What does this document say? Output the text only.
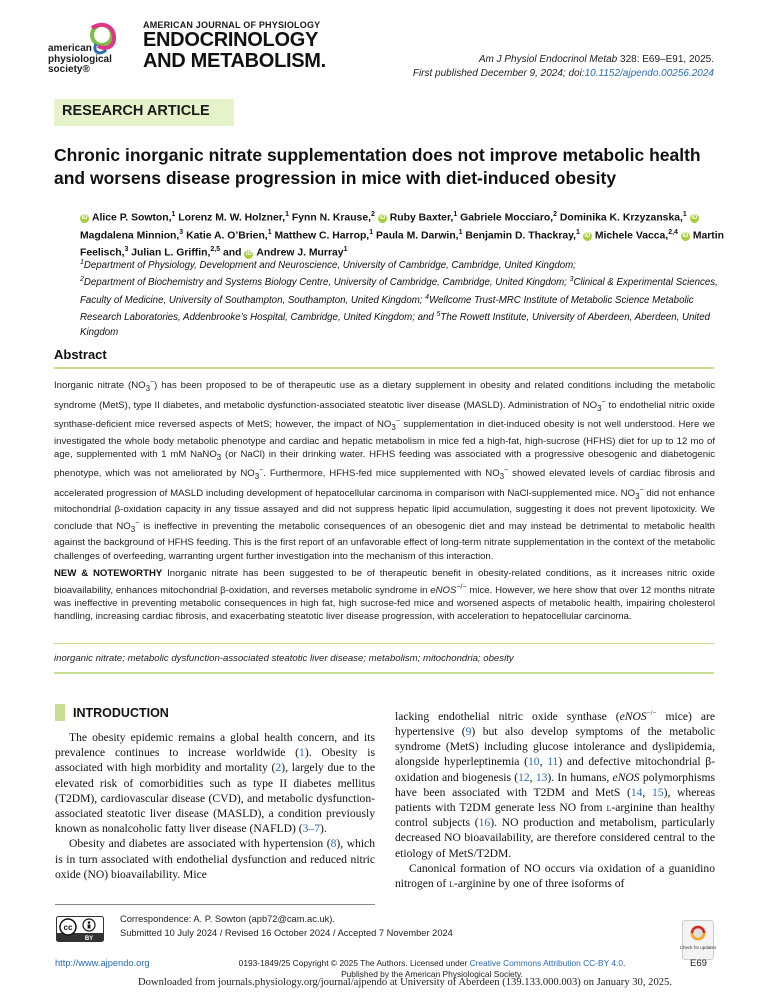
american
physiological
society®
AMERICAN JOURNAL OF PHYSIOLOGY
ENDOCRINOLOGY
AND METABOLISM.	Am J Physiol Endocrinol Metab 328: E69–E91, 2025.
First published December 9, 2024; doi:10.1152/ajpendo.00256.2024
RESEARCH ARTICLE
Chronic inorganic nitrate supplementation does not improve metabolic health and worsens disease progression in mice with diet-induced obesity
iD Alice P. Sowton,$^1$ Lorenz M. W. Holzner,$^1$ Fynn N. Krause,$^2$ iD Ruby Baxter,$^1$ Gabriele Mocciaro,$^2$ Dominika K. Krzyzanska,$^1$ iDMagdalena Minnion,$^3$ Katie A. O’Brien,$^1$ Matthew C. Harrop,$^1$ Paula M. Darwin,$^1$ Benjamin D. Thackray,$^1$ iD Michele Vacca,$^{2,4}$ iD Martin Feelisch,$^3$ Julian L. Griffin,$^{2,5}$ and iD Andrew J. Murray$^1$
$^1$Department of Physiology, Development and Neuroscience, University of Cambridge, Cambridge, United Kingdom;
$^2$Department of Biochemistry and Systems Biology Centre, University of Cambridge, Cambridge, United Kingdom; $^3$Clinical & Experimental Sciences, Faculty of Medicine, University of Southampton, Southampton, United Kingdom; $^4$Wellcome Trust-MRC Institute of Metabolic Science Metabolic Research Laboratories, Addenbrooke’s Hospital, Cambridge, United Kingdom; and $^5$The Rowett Institute, University of Aberdeen, Aberdeen, United Kingdom
Abstract
Inorganic nitrate $(NO_3^-)$ has been proposed to be of therapeutic use as a dietary supplement in obesity and related conditions including the metabolic syndrome (MetS), type II diabetes, and metabolic dysfunction-associated steatotic liver disease (MASLD). Administration of $NO_3^-$ to endothelial nitric oxide synthase-deficient mice reversed aspects of MetS; however, the impact of $NO_3^-$ supplementation in diet-induced obesity is not well understood. Here we investigated the whole body metabolic phenotype and cardiac and hepatic metabolism in mice fed a high-fat, high-sucrose (HFHS) diet for up to 12 mo of age, supplemented with 1 mM NaNO$_3$ (or NaCl) in their drinking water. HFHS feeding was associated with a progressive obesogenic and diabetogenic phenotype, which was not ameliorated by $NO_3^-$. Furthermore, HFHS-fed mice supplemented with $NO_3^-$ showed elevated levels of cardiac fibrosis and accelerated progression of MASLD including development of hepatocellular carcinoma in comparison with NaCl-supplemented mice. $NO_3^-$ did not enhance mitochondrial β-oxidation capacity in any tissue assayed and did not suppress hepatic lipid accumulation, suggesting it does not prevent lipotoxicity. We conclude that $NO_3^-$ is ineffective in preventing the metabolic consequences of an obesogenic diet and may instead be detrimental to metabolic health against the background of HFHS feeding. This is the first report of an unfavorable effect of long-term nitrate supplementation in the context of the metabolic challenges of overfeeding, warranting urgent further investigation into the mechanism of this interaction.
NEW & NOTEWORTHY Inorganic nitrate has been suggested to be of therapeutic benefit in obesity-related conditions, as it increases nitric oxide bioavailability, enhances mitochondrial β-oxidation, and reverses metabolic syndrome in eNOS−/− mice. However, we here show that over 12 months nitrate was ineffective in preventing metabolic consequences in high fat, high sucrose-fed mice and worsened aspects of metabolic health, impairing cholesterol handling, increasing cardiac fibrosis, and exacerbating steatotic liver disease progression, with acceleration to hepatocellular carcinoma.
inorganic nitrate; metabolic dysfunction-associated steatotic liver disease; metabolism; mitochondria; obesity
INTRODUCTION

The obesity epidemic remains a global health concern, and its prevalence continues to increase worldwide (1). Obesity is associated with high morbidity and mortality (2), largely due to the elevated risk of comorbidities such as type II diabetes mellitus (T2DM), cardiovascular disease (CVD), and metabolic dysfunction-associated steatotic liver disease (MASLD), a condition previously known as nonalcoholic fatty liver disease (NAFLD) (3–7).

Obesity and diabetes are associated with hypertension (8), which is in turn associated with endothelial dysfunction and reduced nitric oxide (NO) bioavailability. Mice

lacking endothelial nitric oxide synthase (eNOS−/− mice) are hypertensive (9) but also develop symptoms of the metabolic syndrome (MetS) including glucose intolerance and dyslipidemia, alongside hyperleptinemia (10, 11) and defective mitochondrial β-oxidation and biogenesis (12, 13). In humans, eNOS polymorphisms have been associated with T2DM and MetS (14, 15), whereas patients with T2DM generate less NO from l-arginine than healthy control subjects (16). NO production and metabolism, particularly decreased NO bioavailability, are therefore considered central to the etiology of MetS/T2DM.

Canonical formation of NO occurs via oxidation of a guanidino nitrogen of l-arginine by one of three isoforms of

cc
BY
Correspondence: A. P. Sowton (apb72@cam.ac.uk).
Submitted 10 July 2024 / Revised 16 October 2024 / Accepted 7 November 2024
Check for updates
http://www.ajpendo.org	0193-1849/25 Copyright © 2025 The Authors. Licensed under Creative Commons Attribution CC-BY 4.0.
Published by the American Physiological Society.
E69
Downloaded from journals.physiology.org/journal/ajpendo at University of Aberdeen (139.133.000.003) on January 30, 2025.
